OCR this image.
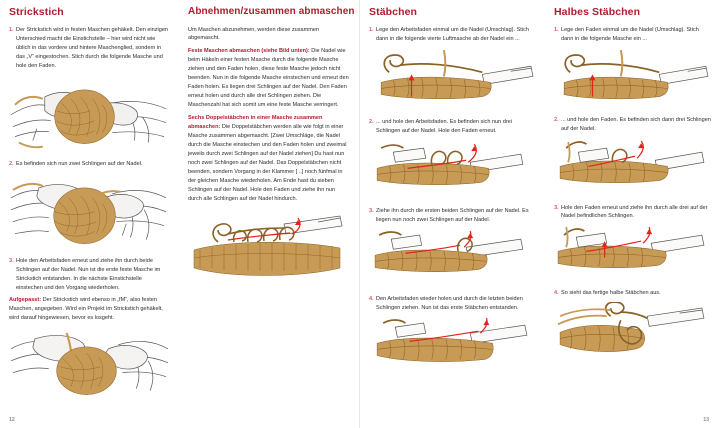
Strickstich
1. Der Strickstich wird in festen Maschen gehäkelt. Den einzigen Unterschied macht die Einstichstelle – hier wird nicht wie üblich in das vordere und hintere Maschenglied, sondern in das „V“ eingestochen. Stich durch die folgende Masche und hole den Faden.
2. Es befinden sich nun zwei Schlingen auf der Nadel.
3. Hole den Arbeitsfaden erneut und ziehe ihn durch beide Schlingen auf der Nadel. Nun ist die erste feste Masche im Strickstich entstanden. In die nächste Einstichstelle einstechen und den Vorgang wiederholen.

Aufgepasst: Der Strickstich wird ebenso in „fM“, also festen Maschen, angegeben. Wird ein Projekt im Strickstich gehäkelt, wird darauf hingewiesen, bevor es losgeht.

Abnehmen/zusammen abmaschen

Um Maschen abzunehmen, werden diese zusammen abgemascht.

Feste Maschen abmaschen (siehe Bild unten): Die Nadel wie beim Häkeln einer festen Masche durch die folgende Masche ziehen und den Faden holen, diese feste Masche jedoch nicht beenden. Nun in die folgende Masche einstechen und erneut den Faden holen. Es liegen drei Schlingen auf der Nadel. Den Faden erneut holen und durch alle drei Schlingen ziehen. Die Maschenzahl hat sich somit um eine feste Masche verringert.

Sechs Doppelstäbchen in einer Masche zusammen abmaschen: Die Doppelstäbchen werden alle wie folgt in einer Masche zusammen abgemascht. [Zwei Umschläge, die Nadel durch die Masche einstechen und den Faden holen und zweimal jeweils durch zwei Schlingen auf der Nadel ziehen] Du hast nun noch zwei Schlingen auf der Nadel. Das Doppelstäbchen nicht beenden, sondern Vorgang in der Klammer [ ..] noch fünfmal in der gleichen Masche wiederholen. Am Ende hast du sieben Schlingen auf der Nadel. Hole den Faden und ziehe ihn nun durch alle Schlingen auf der Nadel hindurch.

12
Stäbchen
1. Lege den Arbeitsfaden einmal um die Nadel (Umschlag). Stich dann in die folgende vierte Luftmasche ab der Nadel ein ...
2. ... und hole den Arbeitsfaden. Es befinden sich nun drei Schlingen auf der Nadel. Hole den Faden erneut.
3. Ziehe ihn durch die ersten beiden Schlingen auf der Nadel. Es liegen nun noch zwei Schlingen auf der Nadel.
4. Den Arbeitsfaden wieder holen und durch die letzten beiden Schlingen ziehen. Nun ist das erste Stäbchen entstanden.
Halbes Stäbchen
1. Lege den Faden einmal um die Nadel (Umschlag). Stich dann in die folgende Masche ein ...
2. ... und hole den Faden. Es befinden sich dann drei Schlingen auf der Nadel.
3. Hole den Faden erneut und ziehe ihn durch alle drei auf der Nadel befindlichen Schlingen.
4. So sieht das fertige halbe Stäbchen aus.
13
